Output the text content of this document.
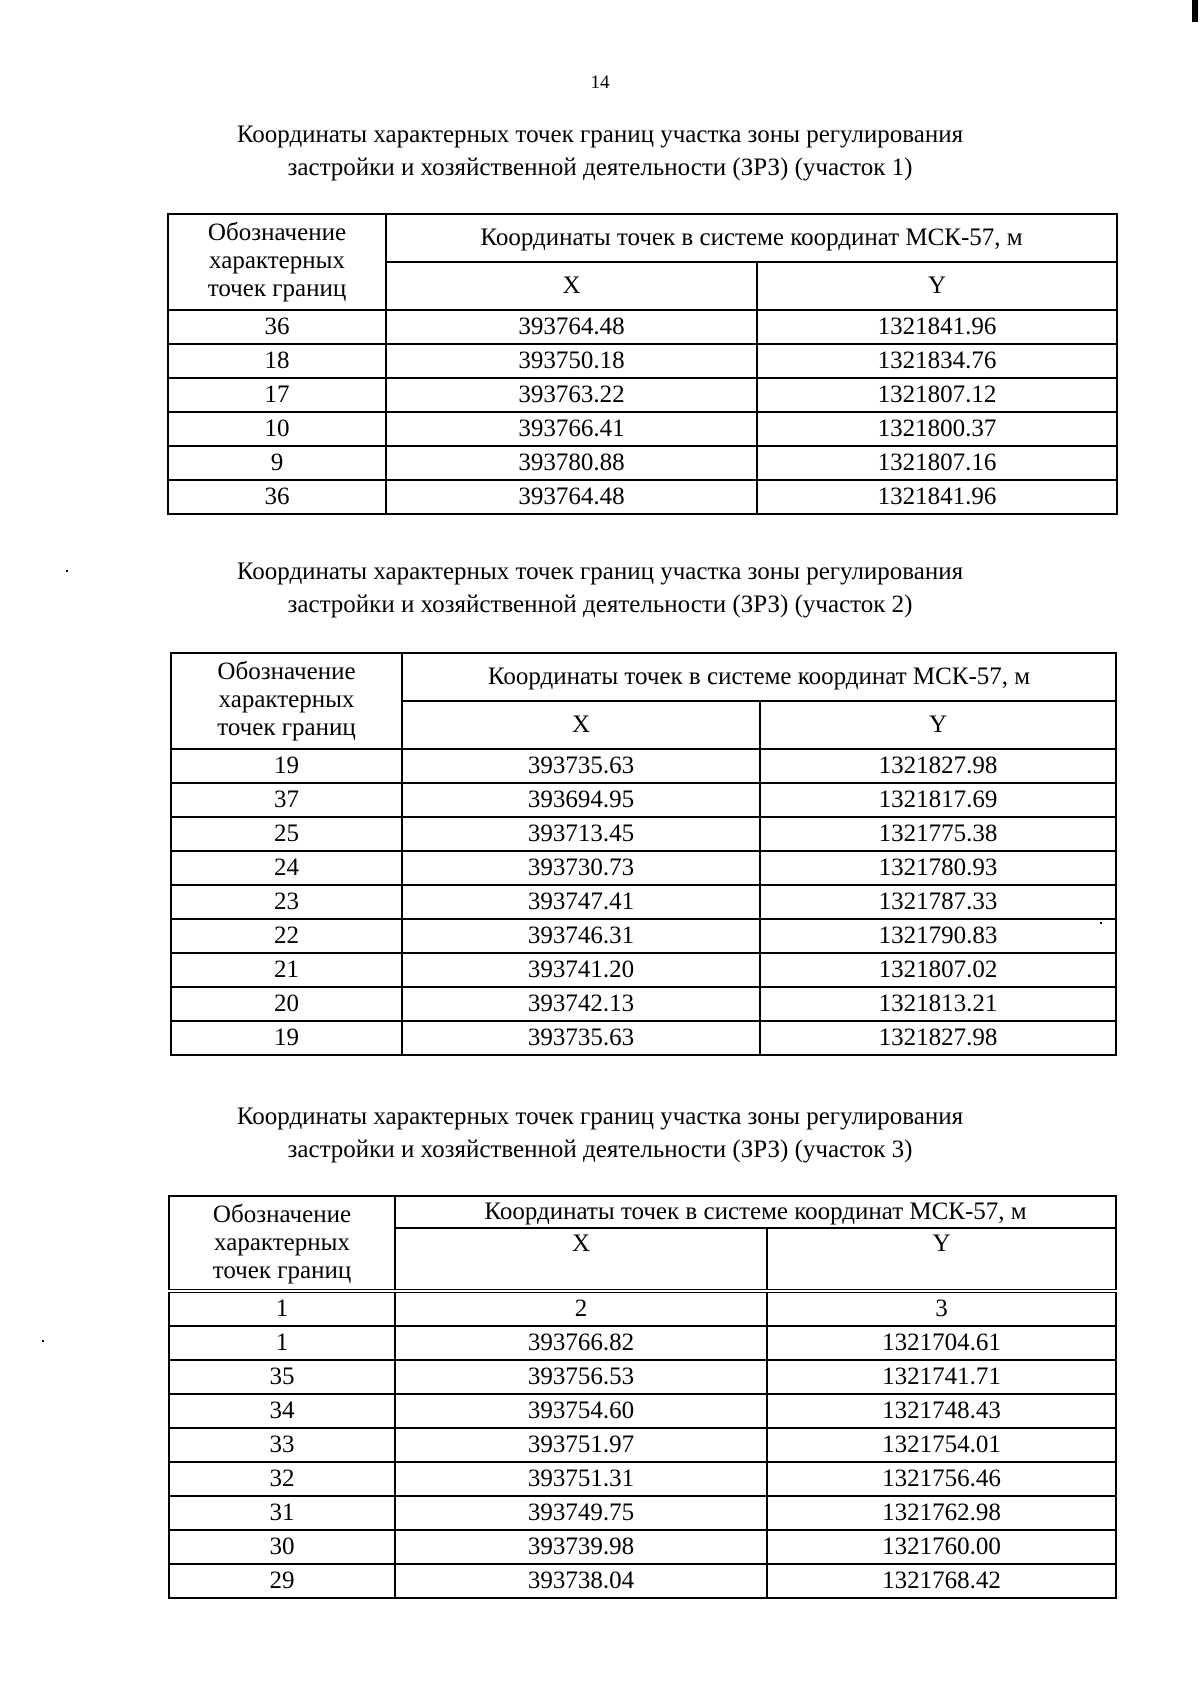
14
Координаты характерных точек границ участка зоны регулирования
застройки и хозяйственной деятельности (ЗРЗ) (участок 1)
Обозначение
характерных
точек границ	Координаты точек в системе координат МСК-57, м	
	X	Y
36	393764.48	1321841.96
18	393750.18	1321834.76
17	393763.22	1321807.12
10	393766.41	1321800.37
9	393780.88	1321807.16
36	393764.48	1321841.96
Координаты характерных точек границ участка зоны регулирования
застройки и хозяйственной деятельности (ЗРЗ) (участок 2)
Обозначение
характерных
точек границ	Координаты точек в системе координат МСК-57, м	
	X	Y
19	393735.63	1321827.98
37	393694.95	1321817.69
25	393713.45	1321775.38
24	393730.73	1321780.93
23	393747.41	1321787.33
22	393746.31	1321790.83
21	393741.20	1321807.02
20	393742.13	1321813.21
19	393735.63	1321827.98
Координаты характерных точек границ участка зоны регулирования
застройки и хозяйственной деятельности (ЗРЗ) (участок 3)
Обозначение
характерных
точек границ	Координаты точек в системе координат МСК-57, м	
	X	Y
1	2	3
1	393766.82	1321704.61
35	393756.53	1321741.71
34	393754.60	1321748.43
33	393751.97	1321754.01
32	393751.31	1321756.46
31	393749.75	1321762.98
30	393739.98	1321760.00
29	393738.04	1321768.42
